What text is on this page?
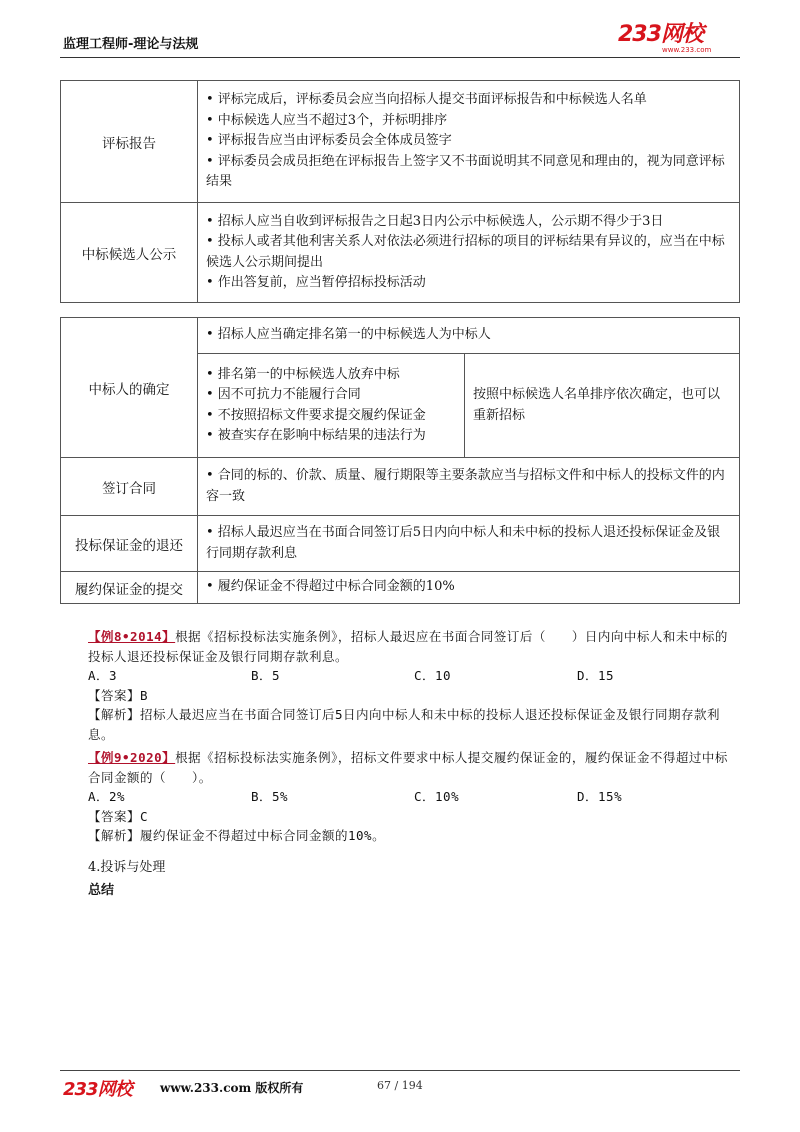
监理工程师-理论与法规	233网校
www.233.com
评标报告	• 评标完成后，评标委员会应当向招标人提交书面评标报告和中标候选人名单
• 中标候选人应当不超过3个，并标明排序
• 评标报告应当由评标委员会全体成员签字
• 评标委员会成员拒绝在评标报告上签字又不书面说明其不同意见和理由的，视为同意评标结果

中标候选人公示	• 招标人应当自收到评标报告之日起3日内公示中标候选人，公示期不得少于3日
• 投标人或者其他利害关系人对依法必须进行招标的项目的评标结果有异议的，应当在中标候选人公示期间提出
• 作出答复前，应当暂停招标投标活动
中标人的确定	• 招标人应当确定排名第一的中标候选人为中标人	

	• 排名第一的中标候选人放弃中标
• 因不可抗力不能履行合同
• 不按照招标文件要求提交履约保证金
• 被查实存在影响中标结果的违法行为	按照中标候选人名单排序依次确定，也可以重新招标

签订合同	• 合同的标的、价款、质量、履行期限等主要条款应当与招标文件和中标人的投标文件的内容一致	

投标保证金的退还	• 招标人最迟应当在书面合同签订后5日内向中标人和未中标的投标人退还投标保证金及银行同期存款利息	

履约保证金的提交	• 履约保证金不得超过中标合同金额的10%	
【例8•2014】根据《招标投标法实施条例》，招标人最迟应在书面合同签订后（　　）日内向中标人和未中标的投标人退还投标保证金及银行同期存款利息。
A．3	B．5	C．10	D．15
【答案】B
【解析】招标人最迟应当在书面合同签订后5日内向中标人和未中标的投标人退还投标保证金及银行同期存款利息。
【例9•2020】根据《招标投标法实施条例》，招标文件要求中标人提交履约保证金的，履约保证金不得超过中标合同金额的（　　）。
A．2%	B．5%	C．10%	D．15%
【答案】C
【解析】履约保证金不得超过中标合同金额的10%。
4.投诉与处理
总结
233网校 www.233.com 版权所有	67 / 194
